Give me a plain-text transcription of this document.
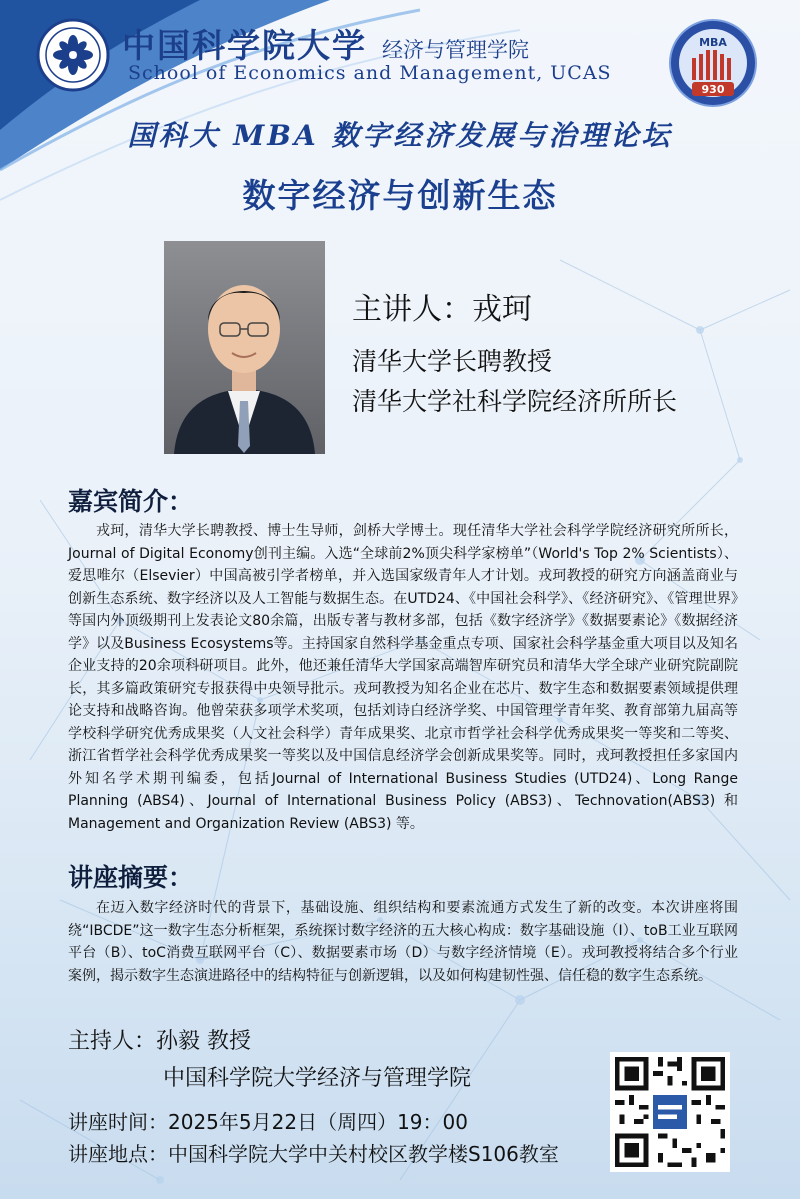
中国科学院大学 经济与管理学院
School of Economics and Management, UCAS
MBA
930
国科大 MBA 数字经济发展与治理论坛
数字经济与创新生态
主讲人：戎珂
清华大学长聘教授
清华大学社科学院经济所所长
嘉宾简介：

戎珂，清华大学长聘教授、博士生导师，剑桥大学博士。现任清华大学社会科学学院经济研究所所长，Journal of Digital Economy创刊主编。入选“全球前2%顶尖科学家榜单”（World's Top 2% Scientists）、爱思唯尔（Elsevier）中国高被引学者榜单，并入选国家级青年人才计划。戎珂教授的研究方向涵盖商业与创新生态系统、数字经济以及人工智能与数据生态。在UTD24、《中国社会科学》、《经济研究》、《管理世界》等国内外顶级期刊上发表论文80余篇，出版专著与教材多部，包括《数字经济学》《数据要素论》《数据经济学》以及Business Ecosystems等。主持国家自然科学基金重点专项、国家社会科学基金重大项目以及知名企业支持的20余项科研项目。此外，他还兼任清华大学国家高端智库研究员和清华大学全球产业研究院副院长，其多篇政策研究专报获得中央领导批示。戎珂教授为知名企业在芯片、数字生态和数据要素领域提供理论支持和战略咨询。他曾荣获多项学术奖项，包括刘诗白经济学奖、中国管理学青年奖、教育部第九届高等学校科学研究优秀成果奖（人文社会科学）青年成果奖、北京市哲学社会科学优秀成果奖一等奖和二等奖、浙江省哲学社会科学优秀成果奖一等奖以及中国信息经济学会创新成果奖等。同时，戎珂教授担任多家国内外知名学术期刊编委，包括Journal of International Business Studies (UTD24)、Long Range Planning (ABS4)、Journal of International Business Policy (ABS3)、Technovation(ABS3) 和 Management and Organization Review (ABS3) 等。

讲座摘要：

在迈入数字经济时代的背景下，基础设施、组织结构和要素流通方式发生了新的改变。本次讲座将围绕“IBCDE”这一数字生态分析框架，系统探讨数字经济的五大核心构成：数字基础设施（I）、toB工业互联网平台（B）、toC消费互联网平台（C）、数据要素市场（D）与数字经济情境（E）。戎珂教授将结合多个行业案例，揭示数字生态演进路径中的结构特征与创新逻辑，以及如何构建韧性强、信任稳的数字生态系统。

主持人：孙毅 教授
中国科学院大学经济与管理学院
讲座时间：2025年5月22日（周四）19：00
讲座地点：中国科学院大学中关村校区教学楼S106教室
